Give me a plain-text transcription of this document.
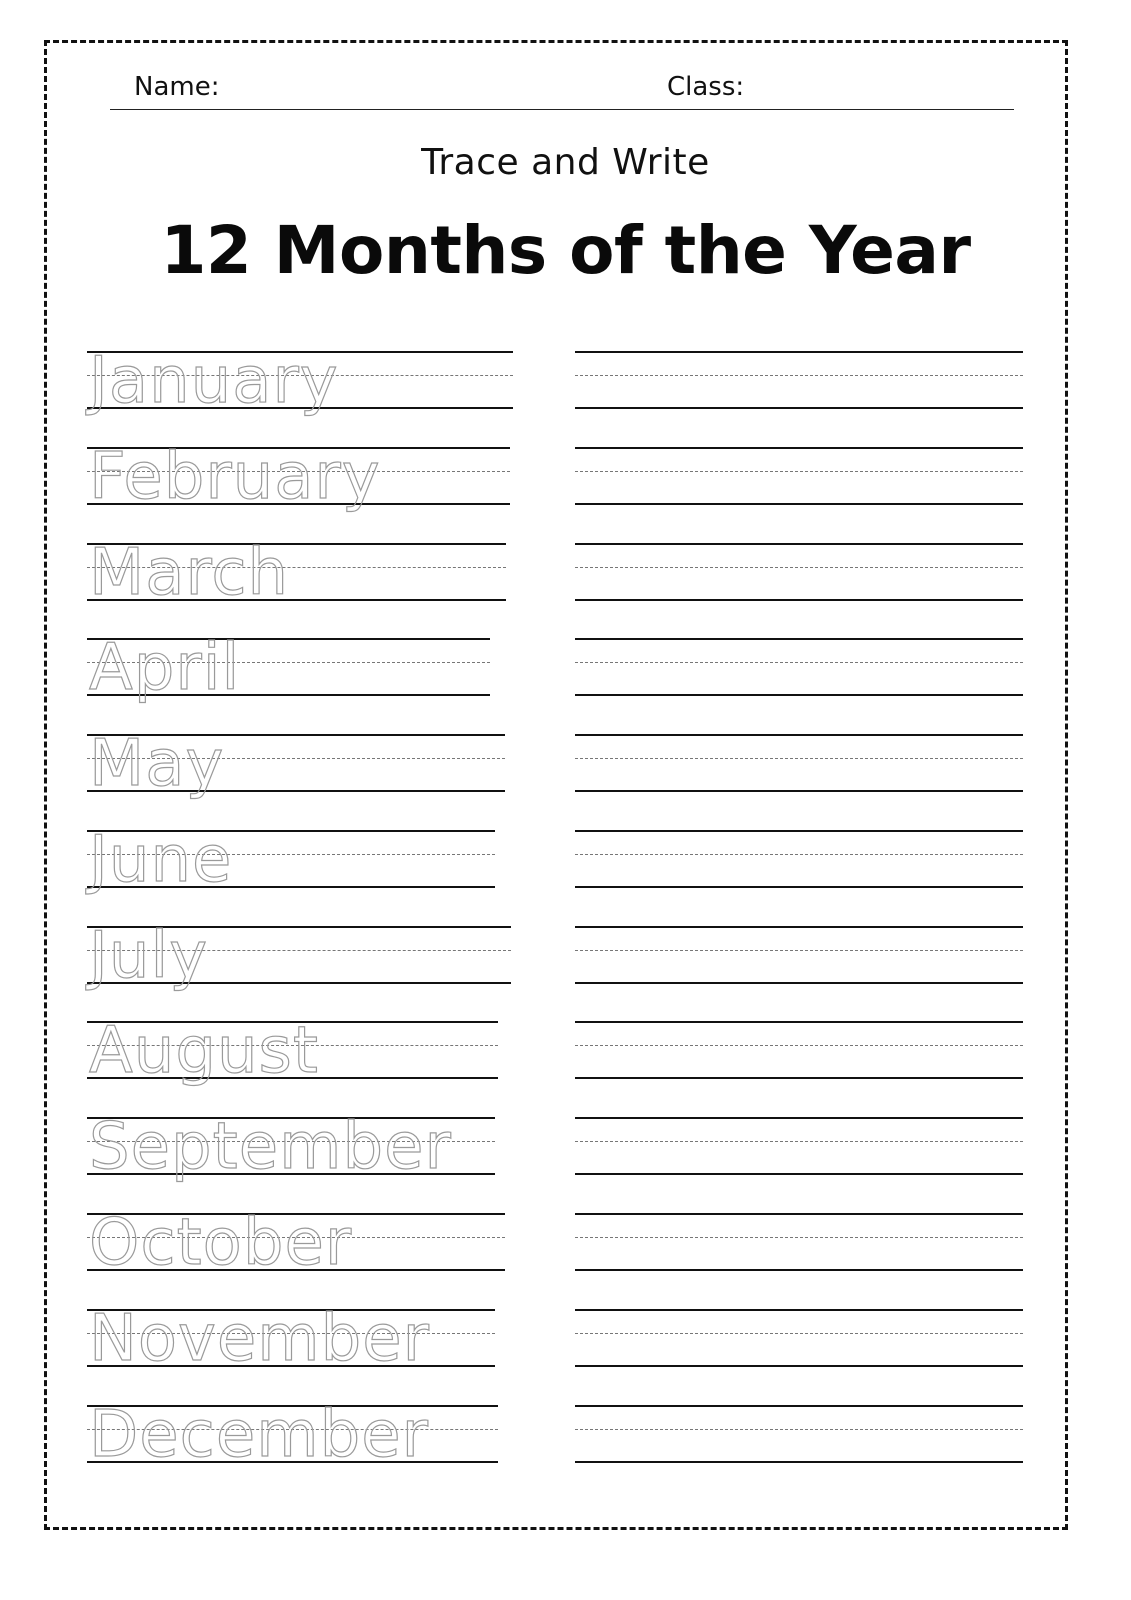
Name:	Class:
Trace and Write
12 Months of the Year
January
February
March
April
May
June
July
August
September
October
November
December
